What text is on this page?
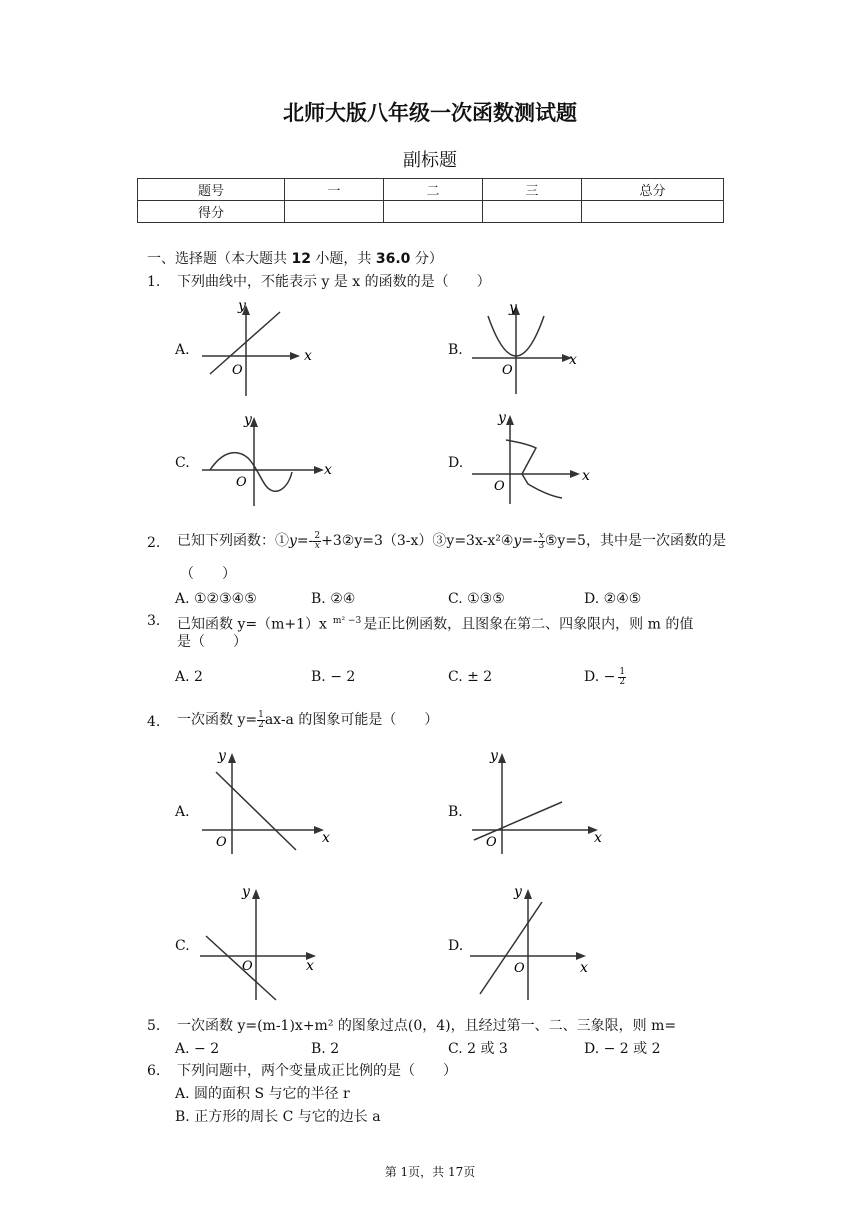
北师大版八年级一次函数测试题
副标题
题号	一	二	三	总分
得分				
一、选择题（本大题共 12 小题，共 36.0 分）
1. 下列曲线中，不能表示 y 是 x 的函数的是（　　）
A.	x
y
O
B.
x
y
O
C.	x
y
O
D.
x
y
O
2. 已知下列函数：①y=- $\frac{2}{x}$ +3②y=3（3-x）③y=3x-x²④y=- $\frac{x}{3}$ ⑤y=5，其中是一次函数的是
（　　）
A. ①②③④⑤	B. ②④	C. ①③⑤	D. ②④⑤
3. 已知函数 y=（m+1）x $^{m^2 -3}$ 是正比例函数，且图象在第二、四象限内，则 m 的值
是（　　）
A. 2	B. − 2	C. ± 2	D. − $\frac{1}{2}$
4. 一次函数 $y= \frac{1}{2} ax-a$ 的图象可能是（　　）
A.
x
y
O
B.
x
y
O
C.
x
y
O
D.
x
y
O
5. 一次函数 y=(m-1)x+m² 的图象过点(0，4)，且经过第一、二、三象限，则 m=
A. − 2	B. 2	C. 2 或 3	D. − 2 或 2
6. 下列问题中，两个变量成正比例的是（　　）
A. 圆的面积 S 与它的半径 r
B. 正方形的周长 C 与它的边长 a
第 1页，共 17页
